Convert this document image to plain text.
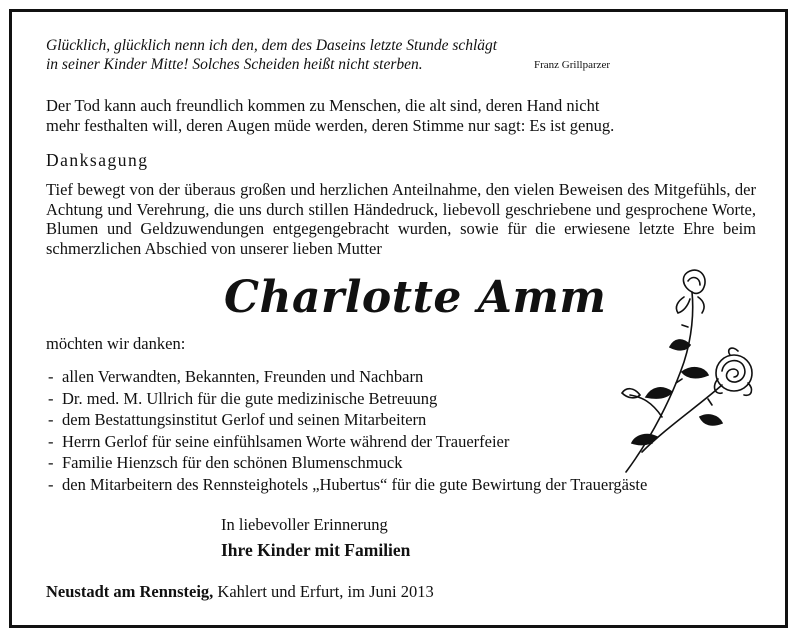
Glücklich, glücklich nenn ich den, dem des Daseins letzte Stunde schlägt
in seiner Kinder Mitte! Solches Scheiden heißt nicht sterben.	Franz Grillparzer
Der Tod kann auch freundlich kommen zu Menschen, die alt sind, deren Hand nicht
mehr festhalten will, deren Augen müde werden, deren Stimme nur sagt: Es ist genug.
Danksagung
Tief bewegt von der überaus großen und herzlichen Anteilnahme, den vielen Beweisen des Mitgefühls, der Achtung und Verehrung, die uns durch stillen Händedruck, liebevoll geschriebene und gesprochene Worte, Blumen und Geldzuwendungen entgegengebracht wurden, sowie für die erwiesene letzte Ehre beim schmerzlichen Abschied von unserer lieben Mutter
Charlotte Amm
möchten wir danken:
- allen Verwandten, Bekannten, Freunden und Nachbarn
- Dr. med. M. Ullrich für die gute medizinische Betreuung
- dem Bestattungsinstitut Gerlof und seinen Mitarbeitern
- Herrn Gerlof für seine einfühlsamen Worte während der Trauerfeier
- Familie Hienzsch für den schönen Blumenschmuck
- den Mitarbeitern des Rennsteighotels „Hubertus“ für die gute Bewirtung der Trauergäste
In liebevoller Erinnerung
Ihre Kinder mit Familien
Neustadt am Rennsteig, Kahlert und Erfurt, im Juni 2013
